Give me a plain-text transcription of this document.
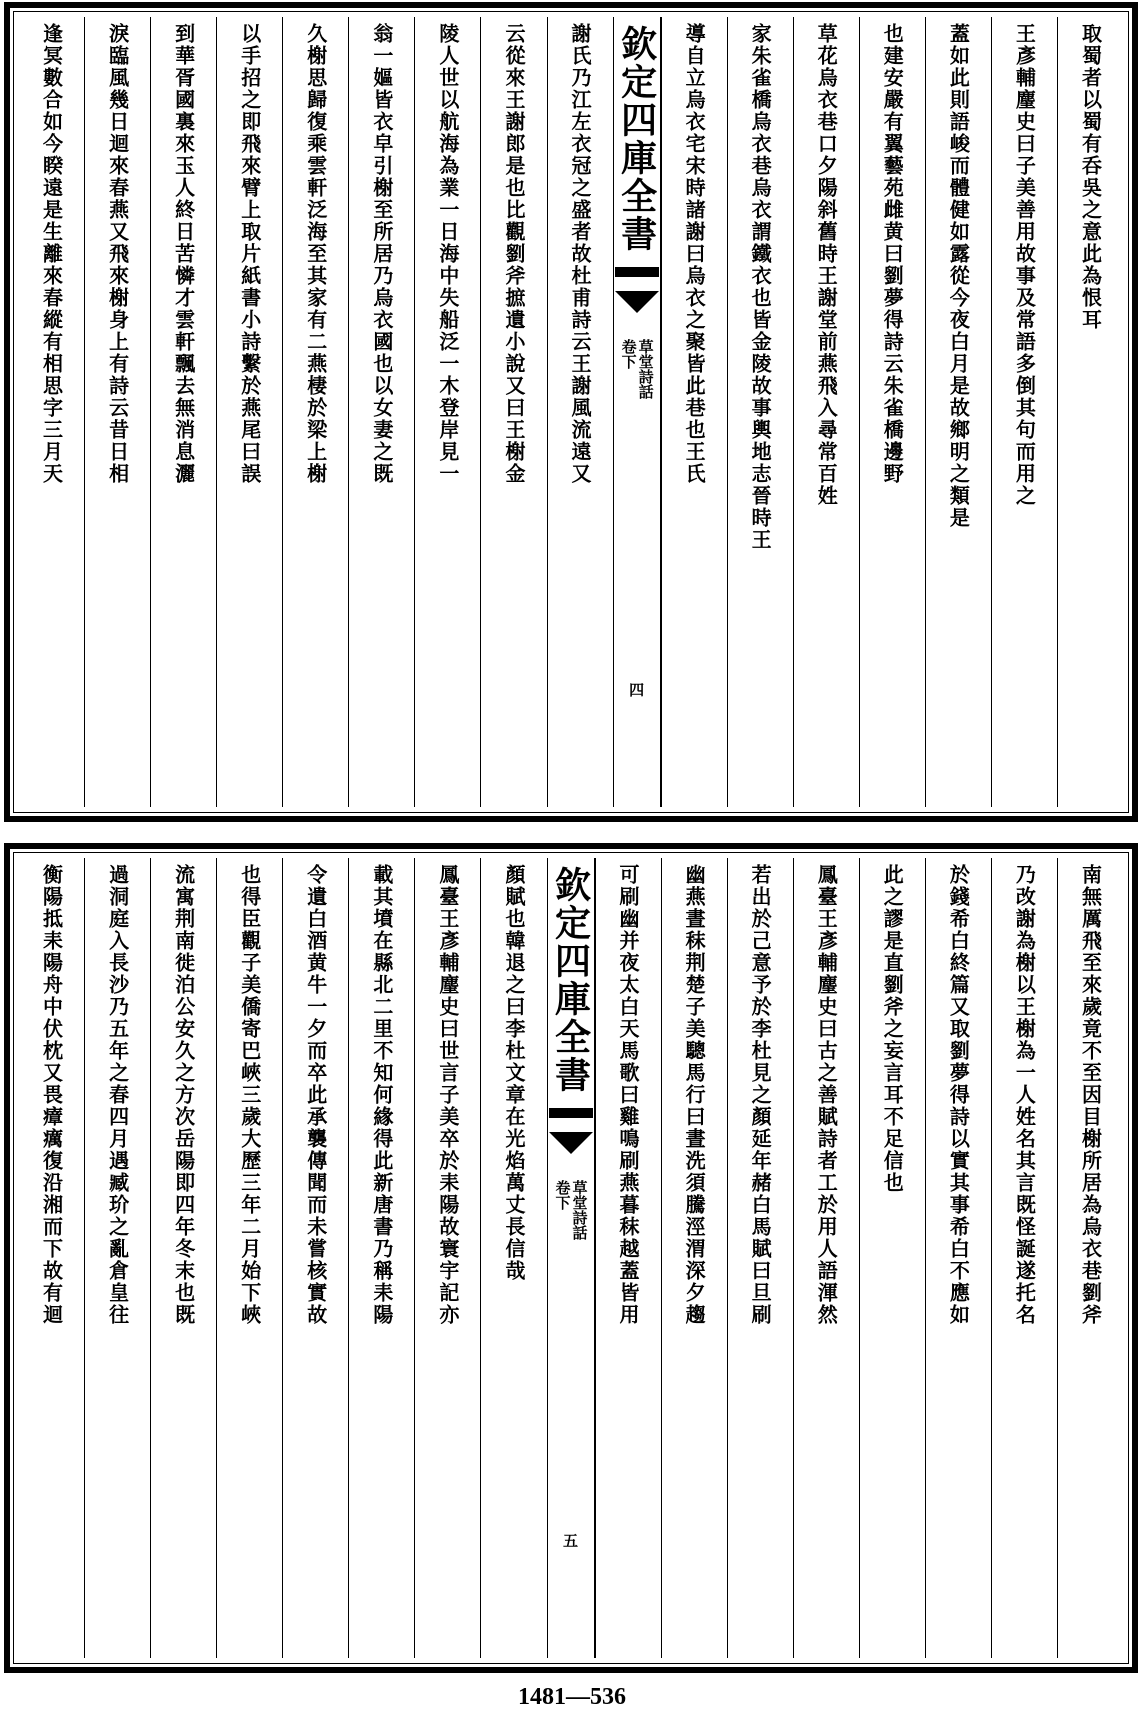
取蜀者以蜀有呑吳之意此為恨耳
王彥輔麈史曰子美善用故事及常語多倒其句而用之
蓋如此則語峻而體健如露從今夜白月是故鄉明之類是
也建安嚴有翼藝苑雌黄曰劉夢得詩云朱雀橋邊野
草花烏衣巷口夕陽斜舊時王謝堂前燕飛入尋常百姓
家朱雀橋烏衣巷烏衣謂鐵衣也皆金陵故事輿地志晉時王
導自立烏衣宅宋時諸謝曰烏衣之聚皆此巷也王氏
欽定四庫全書
草堂詩話
卷下
四
謝氏乃江左衣冠之盛者故杜甫詩云王謝風流遠又
云從來王謝郎是也比觀劉斧摭遺小說又曰王榭金
陵人世以航海為業一日海中失船泛一木登岸見一
翁一嫗皆衣皁引榭至所居乃烏衣國也以女妻之既
久榭思歸復乘雲軒泛海至其家有二燕棲於梁上榭
以手招之即飛來臂上取片紙書小詩繫於燕尾曰誤
到華胥國裏來玉人終日苦憐才雲軒飄去無消息灑
淚臨風幾日迴來春燕又飛來榭身上有詩云昔日相
逢冥數合如今睽遠是生離來春縱有相思字三月天
南無厲飛至來歲竟不至因目榭所居為烏衣巷劉斧
乃改謝為榭以王榭為一人姓名其言既怪誕遂托名
於錢希白終篇又取劉夢得詩以實其事希白不應如
此之謬是直劉斧之妄言耳不足信也
鳳臺王彥輔麈史曰古之善賦詩者工於用人語渾然
若出於己意予於李杜見之顏延年赭白馬賦曰旦刷
幽燕晝秣荆楚子美驄馬行曰晝洗須騰涇渭深夕趨
可刷幽并夜太白天馬歌曰雞鳴刷燕暮秣越蓋皆用
欽定四庫全書
草堂詩話
卷下
五
顏賦也韓退之曰李杜文章在光焰萬丈長信哉
鳳臺王彥輔麈史曰世言子美卒於耒陽故寰宇記亦
載其墳在縣北二里不知何緣得此新唐書乃稱耒陽
令遺白酒黄牛一夕而卒此承襲傳聞而未嘗核實故
也得臣觀子美僑寄巴峽三歲大歷三年二月始下峽
流寓荆南徙泊公安久之方次岳陽即四年冬末也既
過洞庭入長沙乃五年之春四月遇臧玠之亂倉皇往
衡陽抵耒陽舟中伏枕又畏瘴癘復沿湘而下故有迴
1481—536
